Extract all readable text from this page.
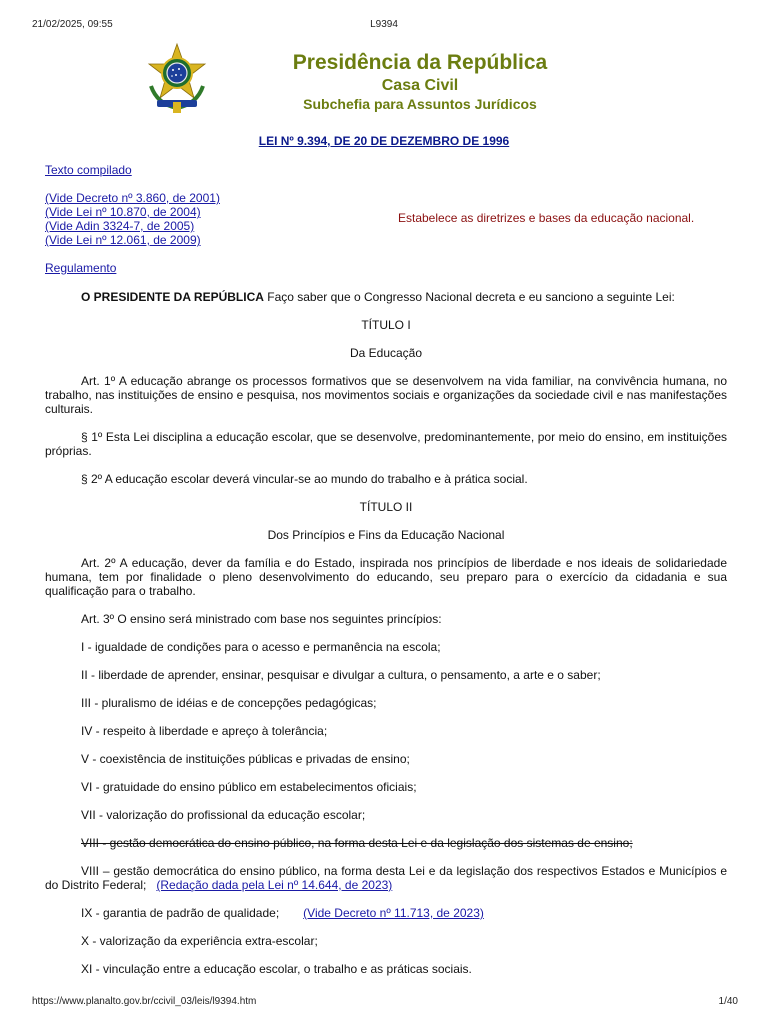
21/02/2025, 09:55	L9394
Presidência da República
Casa Civil
Subchefia para Assuntos Jurídicos
LEI Nº 9.394, DE 20 DE DEZEMBRO DE 1996
Texto compilado
(Vide Decreto nº 3.860, de 2001)
(Vide Lei nº 10.870, de 2004)
(Vide Adin 3324-7, de 2005)
(Vide Lei nº 12.061, de 2009)
Regulamento
Estabelece as diretrizes e bases da educação nacional.

O PRESIDENTE DA REPÚBLICA Faço saber que o Congresso Nacional decreta e eu sanciono a seguinte Lei:

TÍTULO I

Da Educação

Art. 1º A educação abrange os processos formativos que se desenvolvem na vida familiar, na convivência humana, no trabalho, nas instituições de ensino e pesquisa, nos movimentos sociais e organizações da sociedade civil e nas manifestações culturais.

§ 1º Esta Lei disciplina a educação escolar, que se desenvolve, predominantemente, por meio do ensino, em instituições próprias.

§ 2º A educação escolar deverá vincular-se ao mundo do trabalho e à prática social.

TÍTULO II

Dos Princípios e Fins da Educação Nacional

Art. 2º A educação, dever da família e do Estado, inspirada nos princípios de liberdade e nos ideais de solidariedade humana, tem por finalidade o pleno desenvolvimento do educando, seu preparo para o exercício da cidadania e sua qualificação para o trabalho.

Art. 3º O ensino será ministrado com base nos seguintes princípios:

I - igualdade de condições para o acesso e permanência na escola;

II - liberdade de aprender, ensinar, pesquisar e divulgar a cultura, o pensamento, a arte e o saber;

III - pluralismo de idéias e de concepções pedagógicas;

IV - respeito à liberdade e apreço à tolerância;

V - coexistência de instituições públicas e privadas de ensino;

VI - gratuidade do ensino público em estabelecimentos oficiais;

VII - valorização do profissional da educação escolar;

VIII - gestão democrática do ensino público, na forma desta Lei e da legislação dos sistemas de ensino;

VIII – gestão democrática do ensino público, na forma desta Lei e da legislação dos respectivos Estados e Municípios e do Distrito Federal; (Redação dada pela Lei nº 14.644, de 2023)

IX - garantia de padrão de qualidade; (Vide Decreto nº 11.713, de 2023)

X - valorização da experiência extra-escolar;

XI - vinculação entre a educação escolar, o trabalho e as práticas sociais.

https://www.planalto.gov.br/ccivil_03/leis/l9394.htm	1/40
